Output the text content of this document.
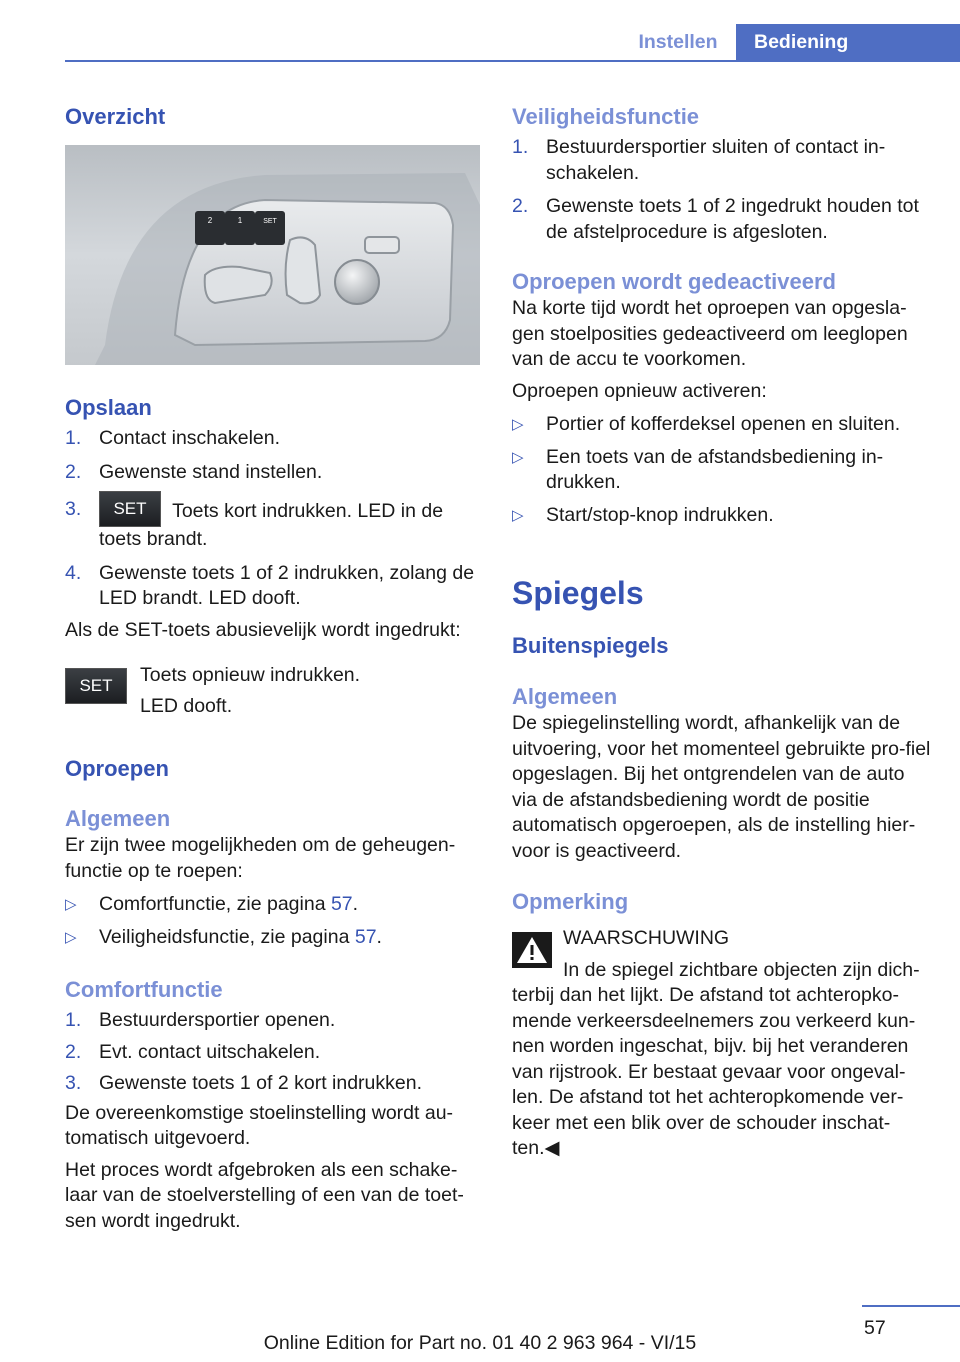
Instellen	Bediening
Overzicht
2	1	SET
Opslaan
1. Contact inschakelen.
2. Gewenste stand instellen.
3. SET Toets kort indrukken. LED in de toets brandt.
4. Gewenste toets 1 of 2 indrukken, zolang de LED brandt. LED dooft.
Als de SET-toets abusievelijk wordt ingedrukt:
SET	Toets opnieuw indrukken.
LED dooft.
Oproepen
Algemeen
Er zijn twee mogelijkheden om de geheugen-functie op te roepen:
▷ Comfortfunctie, zie pagina 57.
▷ Veiligheidsfunctie, zie pagina 57.
Comfortfunctie
1. Bestuurdersportier openen.
2. Evt. contact uitschakelen.
3. Gewenste toets 1 of 2 kort indrukken.
De overeenkomstige stoelinstelling wordt au-tomatisch uitgevoerd.
Het proces wordt afgebroken als een schake-laar van de stoelverstelling of een van de toet-sen wordt ingedrukt.
Veiligheidsfunctie
1. Bestuurdersportier sluiten of contact in-schakelen.
2. Gewenste toets 1 of 2 ingedrukt houden tot de afstelprocedure is afgesloten.
Oproepen wordt gedeactiveerd
Na korte tijd wordt het oproepen van opgesla-gen stoelposities gedeactiveerd om leeglopen van de accu te voorkomen.
Oproepen opnieuw activeren:
▷ Portier of kofferdeksel openen en sluiten.
▷ Een toets van de afstandsbediening in-drukken.
▷ Start/stop-knop indrukken.
Spiegels
Buitenspiegels
Algemeen
De spiegelinstelling wordt, afhankelijk van de uitvoering, voor het momenteel gebruikte pro-fiel opgeslagen. Bij het ontgrendelen van de auto via de afstandsbediening wordt de positie automatisch opgeroepen, als de instelling hier-voor is geactiveerd.
Opmerking
WAARSCHUWING
In de spiegel zichtbare objecten zijn dich-
terbij dan het lijkt. De afstand tot achteropko-mende verkeersdeelnemers zou verkeerd kun-nen worden ingeschat, bijv. bij het veranderen van rijstrook. Er bestaat gevaar voor ongeval-len. De afstand tot het achteropkomende ver-keer met een blik over de schouder inschat-ten.◀
57
Online Edition for Part no. 01 40 2 963 964 - VI/15
